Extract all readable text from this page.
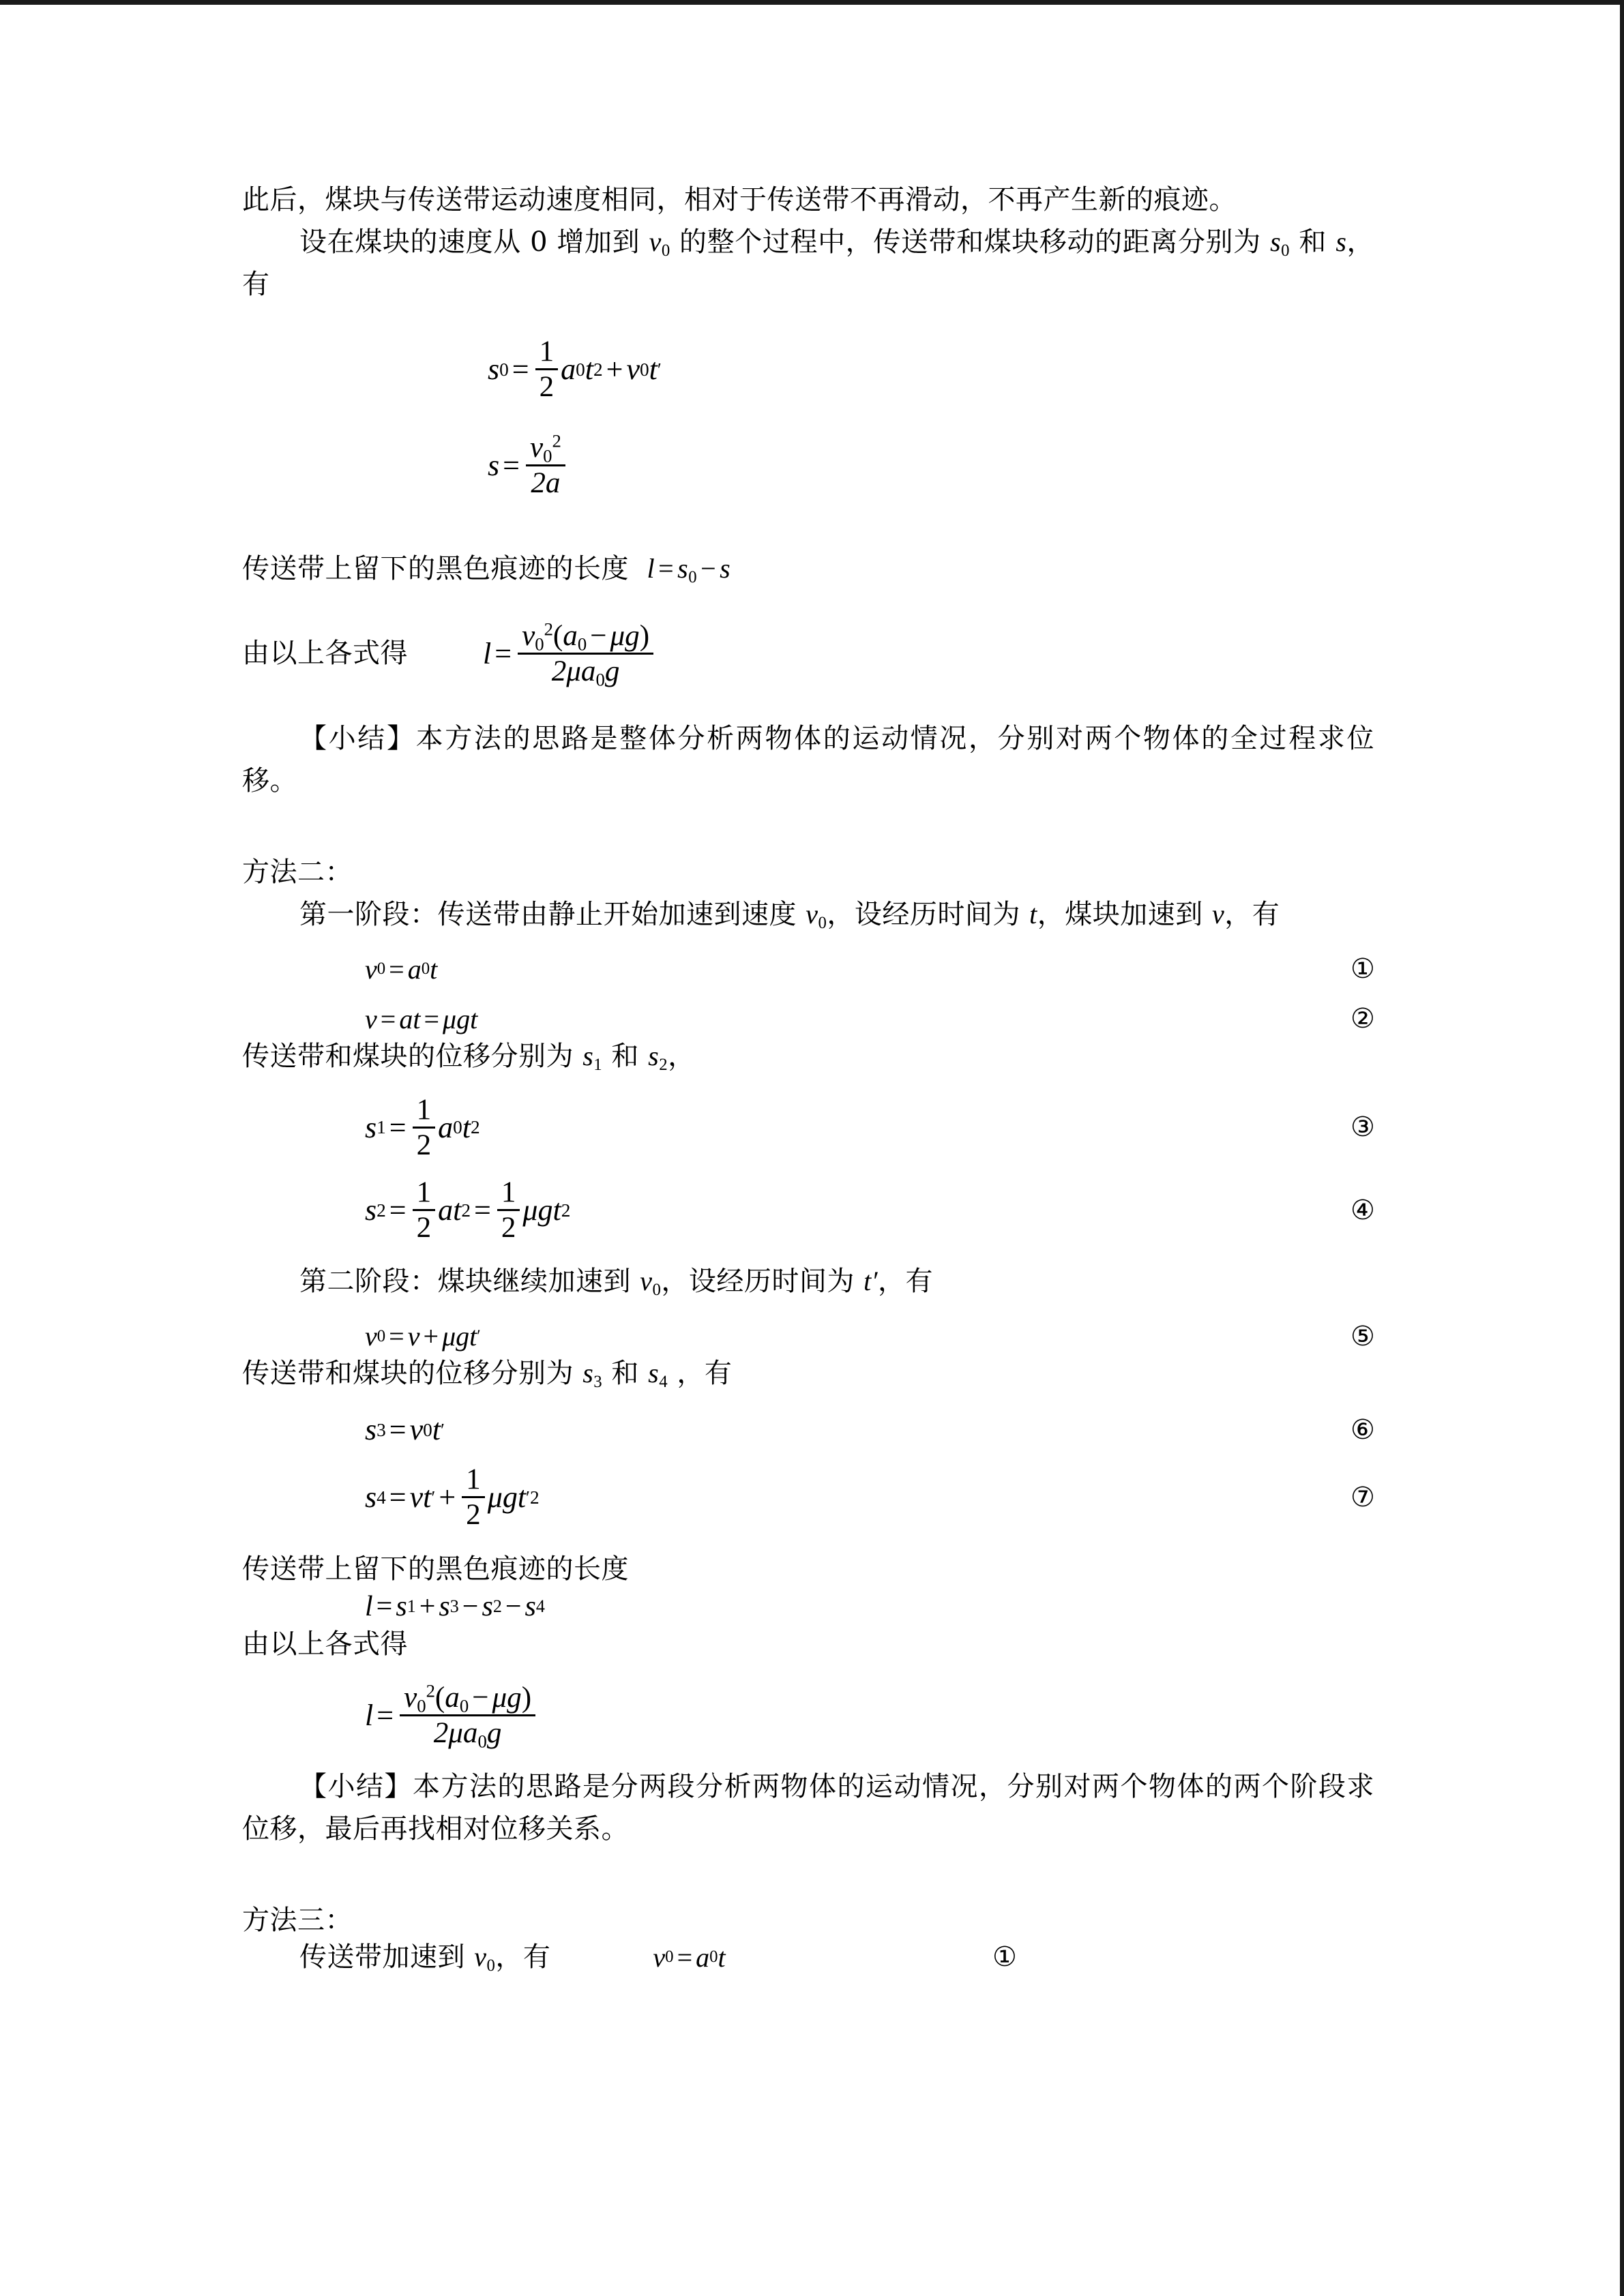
此后，煤块与传送带运动速度相同，相对于传送带不再滑动，不再产生新的痕迹。

设在煤块的速度从 0 增加到 $v_0$ 的整个过程中，传送带和煤块移动的距离分别为 $s_0$ 和 s，有

s $0 = \frac{1}{2}$ a 0 t 2 + v 0 t ′
$s = \frac{v_0^2}{2a}$

传送带上留下的黑色痕迹的长度 $l = s_0 - s$

由以上各式得	$l = \frac{v_0^2(a_0 - \mu g)}{2\mu a_0g}$

【小结】本方法的思路是整体分析两物体的运动情况，分别对两个物体的全过程求位移。

方法二：

第一阶段：传送带由静止开始加速到速度 $v_0$，设经历时间为 t，煤块加速到 v，有

v 0 = a 0 t	①
v = a t = μ g t	②

传送带和煤块的位移分别为 $s_1$ 和 $s_2$，

s $1 = \frac{1}{2}$ a 0 t 2	③
s $2 = \frac{1}{2}$ a t $2 = \frac{1}{2}$ μ g t 2	④

第二阶段：煤块继续加速到 $v_0$，设经历时间为 t′，有

v 0 = v + μ g t ′	⑤

传送带和煤块的位移分别为 $s_3$ 和 $s_4$ ，有

s 3 = v 0 t ′	⑥
s 4 = v t ′ + $\frac{1}{2}$ μ g t ′2	⑦

传送带上留下的黑色痕迹的长度

l = s 1 + s 3 − s 2 − s 4

由以上各式得

$l = \frac{v_0^2(a_0 - \mu g)}{2\mu a_0g}$

【小结】本方法的思路是分两段分析两物体的运动情况，分别对两个物体的两个阶段求位移，最后再找相对位移关系。

方法三：

传送带加速到 $v_0$，有	v 0 = a 0 t	①
